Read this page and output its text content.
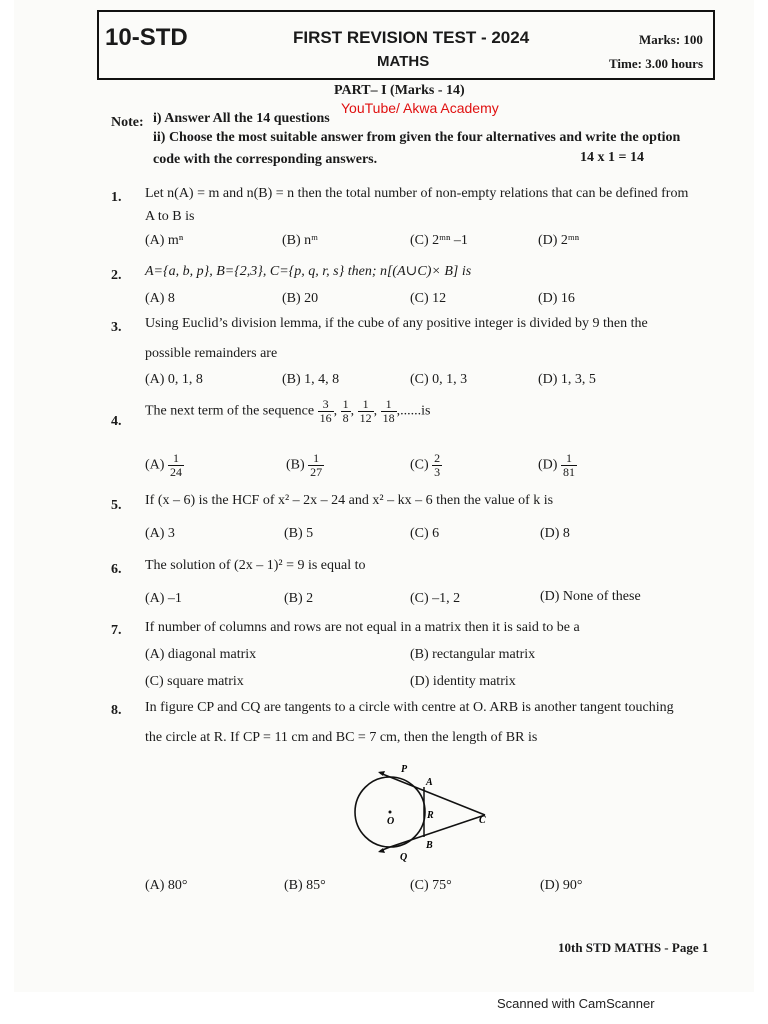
10-STD	FIRST REVISION TEST - 2024
MATHS
Marks: 100
Time: 3.00 hours
PART– I (Marks - 14)
YouTube/ Akwa Academy
Note: i) Answer All the 14 questions
ii) Choose the most suitable answer from given the four alternatives and write the option
code with the corresponding answers.	14 x 1 = 14
1. Let n(A) = m and n(B) = n then the total number of non-empty relations that can be defined from
A to B is
(A) mⁿ	(B) nᵐ	(C) 2ᵐⁿ –1	(D) 2ᵐⁿ
2. A={a, b, p}, B={2,3}, C={p, q, r, s} then; n[(A∪C)× B] is
(A) 8	(B) 20	(C) 12	(D) 16
3. Using Euclid’s division lemma, if the cube of any positive integer is divided by 9 then the
possible remainders are
(A) 0, 1, 8	(B) 1, 4, 8	(C) 0, 1, 3	(D) 1, 3, 5
4.
The next term of the sequence $\frac{3}{16}$ , $\frac{1}{8}$ , $\frac{1}{12}$ , $\frac{1}{18} ,......is$
$(A) \frac{1}{24}$	$(B) \frac{1}{27}$	$(C) \frac{2}{3}$	$(D) \frac{1}{81}$
5. If (x – 6) is the HCF of x² – 2x – 24 and x² – kx – 6 then the value of k is
(A) 3	(B) 5	(C) 6	(D) 8
6. The solution of (2x – 1)² = 9 is equal to
(A) –1	(B) 2	(C) –1, 2	(D) None of these
7. If number of columns and rows are not equal in a matrix then it is said to be a
(A) diagonal matrix	(B) rectangular matrix
(C) square matrix	(D) identity matrix
8. In figure CP and CQ are tangents to a circle with centre at O. ARB is another tangent touching
the circle at R. If CP = 11 cm and BC = 7 cm, then the length of BR is
P
A
O
R	C
B
Q
(A) 80°	(B) 85°	(C) 75°	(D) 90°
10th STD MATHS - Page 1
Scanned with CamScanner
